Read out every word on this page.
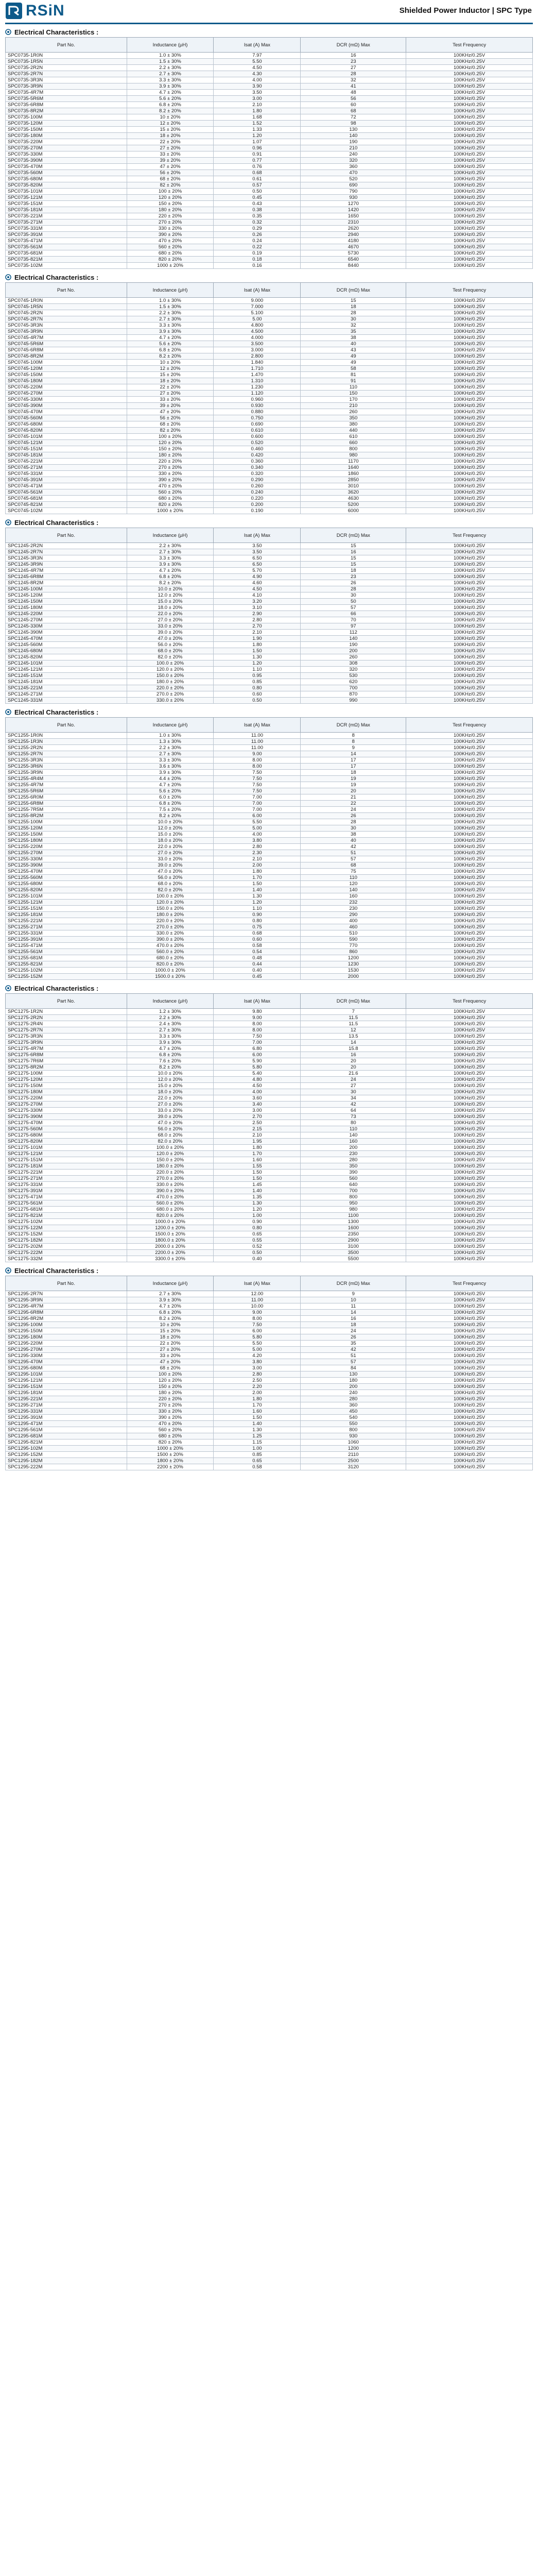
RSiN	Shielded Power Inductor | SPC Type
Electrical Characteristics :
Part No.	Inductance (μH)	Isat (A) Max	DCR (mΩ) Max	Test Frequency
SPC0735-1R0N	1.0 ± 30%	7.97	16	100KHz/0.25V
SPC0735-1R5N	1.5 ± 30%	5.50	23	100KHz/0.25V
SPC0735-2R2N	2.2 ± 30%	4.50	27	100KHz/0.25V
SPC0735-2R7N	2.7 ± 30%	4.30	28	100KHz/0.25V
SPC0735-3R3N	3.3 ± 30%	4.00	32	100KHz/0.25V
SPC0735-3R9N	3.9 ± 30%	3.90	41	100KHz/0.25V
SPC0735-4R7M	4.7 ± 20%	3.50	48	100KHz/0.25V
SPC0735-5R6M	5.6 ± 20%	3.00	56	100KHz/0.25V
SPC0735-6R8M	6.8 ± 20%	2.10	60	100KHz/0.25V
SPC0735-8R2M	8.2 ± 20%	1.80	68	100KHz/0.25V
SPC0735-100M	10 ± 20%	1.68	72	100KHz/0.25V
SPC0735-120M	12 ± 20%	1.52	98	100KHz/0.25V
SPC0735-150M	15 ± 20%	1.33	130	100KHz/0.25V
SPC0735-180M	18 ± 20%	1.20	140	100KHz/0.25V
SPC0735-220M	22 ± 20%	1.07	190	100KHz/0.25V
SPC0735-270M	27 ± 20%	0.96	210	100KHz/0.25V
SPC0735-330M	33 ± 20%	0.91	240	100KHz/0.25V
SPC0735-390M	39 ± 20%	0.77	320	100KHz/0.25V
SPC0735-470M	47 ± 20%	0.76	360	100KHz/0.25V
SPC0735-560M	56 ± 20%	0.68	470	100KHz/0.25V
SPC0735-680M	68 ± 20%	0.61	520	100KHz/0.25V
SPC0735-820M	82 ± 20%	0.57	690	100KHz/0.25V
SPC0735-101M	100 ± 20%	0.50	790	100KHz/0.25V
SPC0735-121M	120 ± 20%	0.45	930	100KHz/0.25V
SPC0735-151M	150 ± 20%	0.43	1270	100KHz/0.25V
SPC0735-181M	180 ± 20%	0.38	1420	100KHz/0.25V
SPC0735-221M	220 ± 20%	0.35	1650	100KHz/0.25V
SPC0735-271M	270 ± 20%	0.32	2310	100KHz/0.25V
SPC0735-331M	330 ± 20%	0.29	2620	100KHz/0.25V
SPC0735-391M	390 ± 20%	0.26	2940	100KHz/0.25V
SPC0735-471M	470 ± 20%	0.24	4180	100KHz/0.25V
SPC0735-561M	560 ± 20%	0.22	4670	100KHz/0.25V
SPC0735-681M	680 ± 20%	0.19	5730	100KHz/0.25V
SPC0735-821M	820 ± 20%	0.18	6540	100KHz/0.25V
SPC0735-102M	1000 ± 20%	0.16	8440	100KHz/0.25V
Electrical Characteristics :
Part No.	Inductance (μH)	Isat (A) Max	DCR (mΩ) Max	Test Frequency
SPC0745-1R0N	1.0 ± 30%	9.000	15	100KHz/0.25V
SPC0745-1R5N	1.5 ± 30%	7.000	18	100KHz/0.25V
SPC0745-2R2N	2.2 ± 30%	5.100	28	100KHz/0.25V
SPC0745-2R7N	2.7 ± 30%	5.00	30	100KHz/0.25V
SPC0745-3R3N	3.3 ± 30%	4.800	32	100KHz/0.25V
SPC0745-3R9N	3.9 ± 30%	4.500	35	100KHz/0.25V
SPC0745-4R7M	4.7 ± 20%	4.000	38	100KHz/0.25V
SPC0745-5R6M	5.6 ± 20%	3.500	40	100KHz/0.25V
SPC0745-6R8M	6.8 ± 20%	3.000	43	100KHz/0.25V
SPC0745-8R2M	8.2 ± 20%	2.800	49	100KHz/0.25V
SPC0745-100M	10 ± 20%	1.840	49	100KHz/0.25V
SPC0745-120M	12 ± 20%	1.710	58	100KHz/0.25V
SPC0745-150M	15 ± 20%	1.470	81	100KHz/0.25V
SPC0745-180M	18 ± 20%	1.310	91	100KHz/0.25V
SPC0745-220M	22 ± 20%	1.230	110	100KHz/0.25V
SPC0745-270M	27 ± 20%	1.120	150	100KHz/0.25V
SPC0745-330M	33 ± 20%	0.960	170	100KHz/0.25V
SPC0745-390M	39 ± 20%	0.930	210	100KHz/0.25V
SPC0745-470M	47 ± 20%	0.880	260	100KHz/0.25V
SPC0745-560M	56 ± 20%	0.750	350	100KHz/0.25V
SPC0745-680M	68 ± 20%	0.690	380	100KHz/0.25V
SPC0745-820M	82 ± 20%	0.610	440	100KHz/0.25V
SPC0745-101M	100 ± 20%	0.600	610	100KHz/0.25V
SPC0745-121M	120 ± 20%	0.520	660	100KHz/0.25V
SPC0745-151M	150 ± 20%	0.460	800	100KHz/0.25V
SPC0745-181M	180 ± 20%	0.420	980	100KHz/0.25V
SPC0745-221M	220 ± 20%	0.360	1170	100KHz/0.25V
SPC0745-271M	270 ± 20%	0.340	1640	100KHz/0.25V
SPC0745-331M	330 ± 20%	0.320	1860	100KHz/0.25V
SPC0745-391M	390 ± 20%	0.290	2850	100KHz/0.25V
SPC0745-471M	470 ± 20%	0.260	3010	100KHz/0.25V
SPC0745-561M	560 ± 20%	0.240	3620	100KHz/0.25V
SPC0745-681M	680 ± 20%	0.220	4630	100KHz/0.25V
SPC0745-821M	820 ± 20%	0.200	5200	100KHz/0.25V
SPC0745-102M	1000 ± 20%	0.190	6000	100KHz/0.25V
Electrical Characteristics :
Part No.	Inductance (μH)	Isat (A) Max	DCR (mΩ) Max	Test Frequency
SPC1245-2R2N	2.2 ± 30%	3.50	15	100KHz/0.25V
SPC1245-2R7N	2.7 ± 30%	3.50	16	100KHz/0.25V
SPC1245-3R3N	3.3 ± 30%	6.50	15	100KHz/0.25V
SPC1245-3R9N	3.9 ± 30%	6.50	15	100KHz/0.25V
SPC1245-4R7M	4.7 ± 20%	5.70	18	100KHz/0.25V
SPC1245-6R8M	6.8 ± 20%	4.90	23	100KHz/0.25V
SPC1245-8R2M	8.2 ± 20%	4.60	26	100KHz/0.25V
SPC1245-100M	10.0 ± 20%	4.50	28	100KHz/0.25V
SPC1245-120M	12.0 ± 20%	4.10	30	100KHz/0.25V
SPC1245-150M	15.0 ± 20%	3.20	50	100KHz/0.25V
SPC1245-180M	18.0 ± 20%	3.10	57	100KHz/0.25V
SPC1245-220M	22.0 ± 20%	2.90	66	100KHz/0.25V
SPC1245-270M	27.0 ± 20%	2.80	70	100KHz/0.25V
SPC1245-330M	33.0 ± 20%	2.70	97	100KHz/0.25V
SPC1245-390M	39.0 ± 20%	2.10	112	100KHz/0.25V
SPC1245-470M	47.0 ± 20%	1.90	140	100KHz/0.25V
SPC1245-560M	56.0 ± 20%	1.80	190	100KHz/0.25V
SPC1245-680M	68.0 ± 20%	1.50	200	100KHz/0.25V
SPC1245-820M	82.0 ± 20%	1.30	260	100KHz/0.25V
SPC1245-101M	100.0 ± 20%	1.20	308	100KHz/0.25V
SPC1245-121M	120.0 ± 20%	1.10	320	100KHz/0.25V
SPC1245-151M	150.0 ± 20%	0.95	530	100KHz/0.25V
SPC1245-181M	180.0 ± 20%	0.85	620	100KHz/0.25V
SPC1245-221M	220.0 ± 20%	0.80	700	100KHz/0.25V
SPC1245-271M	270.0 ± 20%	0.60	870	100KHz/0.25V
SPC1245-331M	330.0 ± 20%	0.50	990	100KHz/0.25V
Electrical Characteristics :
Part No.	Inductance (μH)	Isat (A) Max	DCR (mΩ) Max	Test Frequency
SPC1255-1R0N	1.0 ± 30%	11.00	8	100KHz/0.25V
SPC1255-1R3N	1.3 ± 30%	11.00	8	100KHz/0.25V
SPC1255-2R2N	2.2 ± 30%	11.00	9	100KHz/0.25V
SPC1255-2R7N	2.7 ± 30%	9.00	14	100KHz/0.25V
SPC1255-3R3N	3.3 ± 30%	8.00	17	100KHz/0.25V
SPC1255-3R6N	3.6 ± 30%	8.00	17	100KHz/0.25V
SPC1255-3R9N	3.9 ± 30%	7.50	18	100KHz/0.25V
SPC1255-4R4M	4.4 ± 20%	7.50	19	100KHz/0.25V
SPC1255-4R7M	4.7 ± 20%	7.50	19	100KHz/0.25V
SPC1255-5R6M	5.6 ± 20%	7.50	20	100KHz/0.25V
SPC1255-6R0M	6.0 ± 20%	7.00	21	100KHz/0.25V
SPC1255-6R8M	6.8 ± 20%	7.00	22	100KHz/0.25V
SPC1255-7R5M	7.5 ± 20%	7.00	24	100KHz/0.25V
SPC1255-8R2M	8.2 ± 20%	6.00	26	100KHz/0.25V
SPC1255-100M	10.0 ± 20%	5.50	28	100KHz/0.25V
SPC1255-120M	12.0 ± 20%	5.00	30	100KHz/0.25V
SPC1255-150M	15.0 ± 20%	4.00	38	100KHz/0.25V
SPC1255-180M	18.0 ± 20%	3.80	40	100KHz/0.25V
SPC1255-220M	22.0 ± 20%	2.80	42	100KHz/0.25V
SPC1255-270M	27.0 ± 20%	2.30	51	100KHz/0.25V
SPC1255-330M	33.0 ± 20%	2.10	57	100KHz/0.25V
SPC1255-390M	39.0 ± 20%	2.00	68	100KHz/0.25V
SPC1255-470M	47.0 ± 20%	1.80	75	100KHz/0.25V
SPC1255-560M	56.0 ± 20%	1.70	110	100KHz/0.25V
SPC1255-680M	68.0 ± 20%	1.50	120	100KHz/0.25V
SPC1255-820M	82.0 ± 20%	1.40	140	100KHz/0.25V
SPC1255-101M	100.0 ± 20%	1.30	160	100KHz/0.25V
SPC1255-121M	120.0 ± 20%	1.20	232	100KHz/0.25V
SPC1255-151M	150.0 ± 20%	1.10	230	100KHz/0.25V
SPC1255-181M	180.0 ± 20%	0.90	290	100KHz/0.25V
SPC1255-221M	220.0 ± 20%	0.80	400	100KHz/0.25V
SPC1255-271M	270.0 ± 20%	0.75	460	100KHz/0.25V
SPC1255-331M	330.0 ± 20%	0.68	510	100KHz/0.25V
SPC1255-391M	390.0 ± 20%	0.60	590	100KHz/0.25V
SPC1255-471M	470.0 ± 20%	0.58	770	100KHz/0.25V
SPC1255-561M	560.0 ± 20%	0.54	860	100KHz/0.25V
SPC1255-681M	680.0 ± 20%	0.48	1200	100KHz/0.25V
SPC1255-821M	820.0 ± 20%	0.44	1230	100KHz/0.25V
SPC1255-102M	1000.0 ± 20%	0.40	1530	100KHz/0.25V
SPC1255-152M	1500.0 ± 20%	0.45	2000	100KHz/0.25V
Electrical Characteristics :
Part No.	Inductance (μH)	Isat (A) Max	DCR (mΩ) Max	Test Frequency
SPC1275-1R2N	1.2 ± 30%	9.80	7	100KHz/0.25V
SPC1275-2R2N	2.2 ± 30%	9.00	11.5	100KHz/0.25V
SPC1275-2R4N	2.4 ± 30%	8.00	11.5	100KHz/0.25V
SPC1275-2R7N	2.7 ± 30%	8.00	12	100KHz/0.25V
SPC1275-3R3N	3.3 ± 30%	7.50	13.5	100KHz/0.25V
SPC1275-3R9N	3.9 ± 30%	7.00	14	100KHz/0.25V
SPC1275-4R7M	4.7 ± 20%	6.80	15.8	100KHz/0.25V
SPC1275-6R8M	6.8 ± 20%	6.00	16	100KHz/0.25V
SPC1275-7R6M	7.6 ± 20%	5.90	20	100KHz/0.25V
SPC1275-8R2M	8.2 ± 20%	5.80	20	100KHz/0.25V
SPC1275-100M	10.0 ± 20%	5.40	21.6	100KHz/0.25V
SPC1275-120M	12.0 ± 20%	4.80	24	100KHz/0.25V
SPC1275-150M	15.0 ± 20%	4.50	27	100KHz/0.25V
SPC1275-180M	18.0 ± 20%	4.00	30	100KHz/0.25V
SPC1275-220M	22.0 ± 20%	3.60	34	100KHz/0.25V
SPC1275-270M	27.0 ± 20%	3.40	42	100KHz/0.25V
SPC1275-330M	33.0 ± 20%	3.00	64	100KHz/0.25V
SPC1275-390M	39.0 ± 20%	2.70	73	100KHz/0.25V
SPC1275-470M	47.0 ± 20%	2.50	80	100KHz/0.25V
SPC1275-560M	56.0 ± 20%	2.15	110	100KHz/0.25V
SPC1275-680M	68.0 ± 20%	2.10	140	100KHz/0.25V
SPC1275-820M	82.0 ± 20%	1.95	160	100KHz/0.25V
SPC1275-101M	100.0 ± 20%	1.80	200	100KHz/0.25V
SPC1275-121M	120.0 ± 20%	1.70	230	100KHz/0.25V
SPC1275-151M	150.0 ± 20%	1.60	280	100KHz/0.25V
SPC1275-181M	180.0 ± 20%	1.55	350	100KHz/0.25V
SPC1275-221M	220.0 ± 20%	1.50	390	100KHz/0.25V
SPC1275-271M	270.0 ± 20%	1.50	560	100KHz/0.25V
SPC1275-331M	330.0 ± 20%	1.45	640	100KHz/0.25V
SPC1275-391M	390.0 ± 20%	1.40	700	100KHz/0.25V
SPC1275-471M	470.0 ± 20%	1.35	800	100KHz/0.25V
SPC1275-561M	560.0 ± 20%	1.30	950	100KHz/0.25V
SPC1275-681M	680.0 ± 20%	1.20	980	100KHz/0.25V
SPC1275-821M	820.0 ± 20%	1.00	1100	100KHz/0.25V
SPC1275-102M	1000.0 ± 20%	0.90	1300	100KHz/0.25V
SPC1275-122M	1200.0 ± 20%	0.80	1600	100KHz/0.25V
SPC1275-152M	1500.0 ± 20%	0.65	2350	100KHz/0.25V
SPC1275-182M	1800.0 ± 20%	0.55	2900	100KHz/0.25V
SPC1275-202M	2000.0 ± 20%	0.52	3100	100KHz/0.25V
SPC1275-222M	2200.0 ± 20%	0.50	3500	100KHz/0.25V
SPC1275-332M	3300.0 ± 20%	0.40	5500	100KHz/0.25V
Electrical Characteristics :
Part No.	Inductance (μH)	Isat (A) Max	DCR (mΩ) Max	Test Frequency
SPC1295-2R7N	2.7 ± 30%	12.00	9	100KHz/0.25V
SPC1295-3R9N	3.9 ± 30%	11.00	10	100KHz/0.25V
SPC1295-4R7M	4.7 ± 20%	10.00	11	100KHz/0.25V
SPC1295-6R8M	6.8 ± 20%	9.00	14	100KHz/0.25V
SPC1295-8R2M	8.2 ± 20%	8.00	16	100KHz/0.25V
SPC1295-100M	10 ± 20%	7.50	18	100KHz/0.25V
SPC1295-150M	15 ± 20%	6.00	24	100KHz/0.25V
SPC1295-180M	18 ± 20%	5.80	26	100KHz/0.25V
SPC1295-220M	22 ± 20%	5.50	35	100KHz/0.25V
SPC1295-270M	27 ± 20%	5.00	42	100KHz/0.25V
SPC1295-330M	33 ± 20%	4.20	51	100KHz/0.25V
SPC1295-470M	47 ± 20%	3.80	57	100KHz/0.25V
SPC1295-680M	68 ± 20%	3.00	84	100KHz/0.25V
SPC1295-101M	100 ± 20%	2.80	130	100KHz/0.25V
SPC1295-121M	120 ± 20%	2.50	180	100KHz/0.25V
SPC1295-151M	150 ± 20%	2.20	200	100KHz/0.25V
SPC1295-181M	180 ± 20%	2.00	240	100KHz/0.25V
SPC1295-221M	220 ± 20%	1.80	280	100KHz/0.25V
SPC1295-271M	270 ± 20%	1.70	360	100KHz/0.25V
SPC1295-331M	330 ± 20%	1.60	450	100KHz/0.25V
SPC1295-391M	390 ± 20%	1.50	540	100KHz/0.25V
SPC1295-471M	470 ± 20%	1.40	550	100KHz/0.25V
SPC1295-561M	560 ± 20%	1.30	800	100KHz/0.25V
SPC1295-681M	680 ± 20%	1.25	930	100KHz/0.25V
SPC1295-821M	820 ± 20%	1.15	1060	100KHz/0.25V
SPC1295-102M	1000 ± 20%	1.00	1200	100KHz/0.25V
SPC1295-152M	1500 ± 20%	0.85	2110	100KHz/0.25V
SPC1295-182M	1800 ± 20%	0.65	2500	100KHz/0.25V
SPC1295-222M	2200 ± 20%	0.58	3120	100KHz/0.25V
